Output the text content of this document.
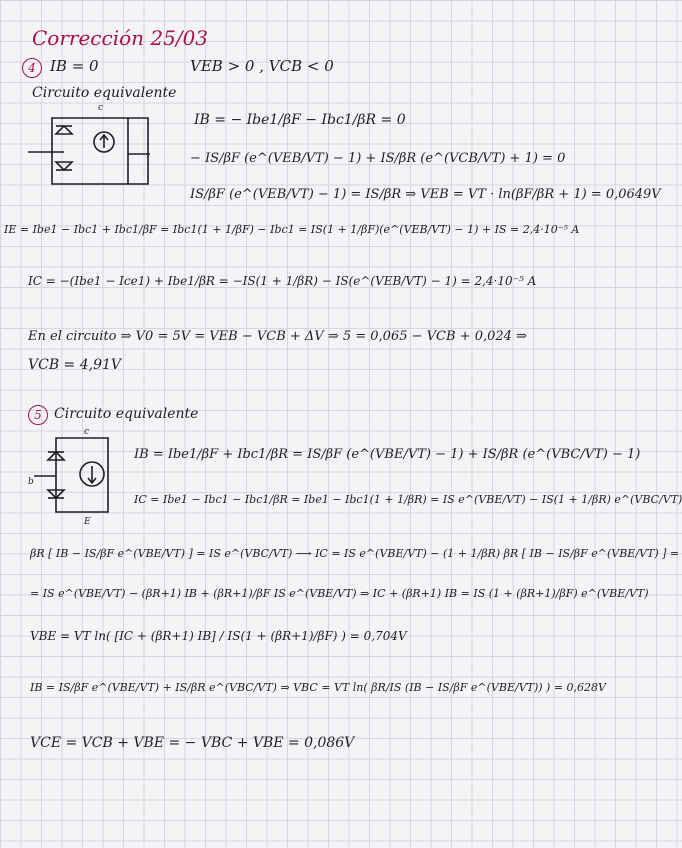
Corrección 25/03
4 IB = 0	VEB > 0 , VCB < 0
Circuito equivalente
c
IB = − Ibe1/βF − Ibc1/βR = 0
− IS/βF (e^(VEB/VT) − 1) + IS/βR (e^(VCB/VT) + 1) = 0
IS/βF (e^(VEB/VT) − 1) = IS/βR ⇒ VEB = VT · ln(βF/βR + 1) = 0,0649V
IE = Ibe1 − Ibc1 + Ibc1/βF = Ibc1(1 + 1/βF) − Ibc1 = IS(1 + 1/βF)(e^(VEB/VT) − 1) + IS = 2,4·10⁻⁵ A
IC = −(Ibe1 − Ice1) + Ibe1/βR = −IS(1 + 1/βR) − IS(e^(VEB/VT) − 1) = 2,4·10⁻⁵ A
En el circuito ⇒ V0 = 5V = VEB − VCB + ΔV ⇒ 5 = 0,065 − VCB + 0,024 ⇒
VCB = 4,91V
5 Circuito equivalente
c
b
E
IB = Ibe1/βF + Ibc1/βR = IS/βF (e^(VBE/VT) − 1) + IS/βR (e^(VBC/VT) − 1)
IC = Ibe1 − Ibc1 − Ibc1/βR = Ibe1 − Ibc1(1 + 1/βR) = IS e^(VBE/VT) − IS(1 + 1/βR) e^(VBC/VT)
βR [ IB − IS/βF e^(VBE/VT) ] = IS e^(VBC/VT) ⟶ IC = IS e^(VBE/VT) − (1 + 1/βR) βR [ IB − IS/βF e^(VBE/VT) ] =
= IS e^(VBE/VT) − (βR+1) IB + (βR+1)/βF IS e^(VBE/VT) ⇒ IC + (βR+1) IB = IS (1 + (βR+1)/βF) e^(VBE/VT)
VBE = VT ln( [IC + (βR+1) IB] / IS(1 + (βR+1)/βF) ) = 0,704V
IB = IS/βF e^(VBE/VT) + IS/βR e^(VBC/VT) ⇒ VBC = VT ln( βR/IS (IB − IS/βF e^(VBE/VT)) ) = 0,628V
VCE = VCB + VBE = − VBC + VBE = 0,086V
